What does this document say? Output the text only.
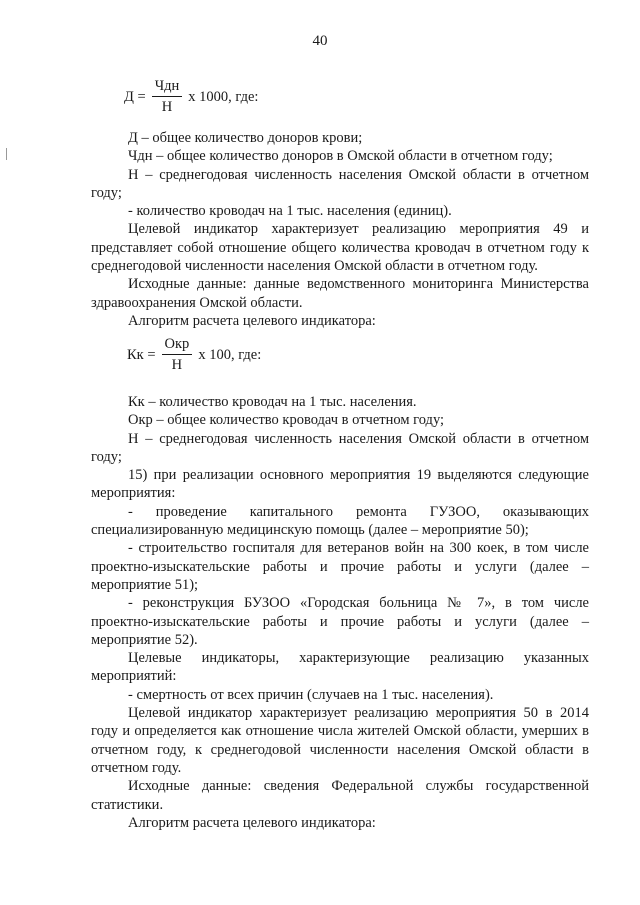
40
$Д = \frac{\text{Чдн}}{Н}$ х 1000, где:

Д – общее количество доноров крови;

Чдн – общее количество доноров в Омской области в отчетном году;

Н – среднегодовая численность населения Омской области в отчетном году;

- количество кроводач на 1 тыс. населения (единиц).

Целевой индикатор характеризует реализацию мероприятия 49 и представляет собой отношение общего количества кроводач в отчетном году к среднегодовой численности населения Омской области в отчетном году.

Исходные данные: данные ведомственного мониторинга Министерства здравоохранения Омской области.

Алгоритм расчета целевого индикатора:

Кк = $\frac{\text{Окр}}{Н}$ х 100, где:

Кк – количество кроводач на 1 тыс. населения.

Окр – общее количество кроводач в отчетном году;

Н – среднегодовая численность населения Омской области в отчетном году;

15) при реализации основного мероприятия 19 выделяются следующие мероприятия:

- проведение капитального ремонта ГУЗОО, оказывающих специализированную медицинскую помощь (далее – мероприятие 50);

- строительство госпиталя для ветеранов войн на 300 коек, в том числе проектно-изыскательские работы и прочие работы и услуги (далее – мероприятие 51);

- реконструкция БУЗОО «Городская больница № 7», в том числе проектно-изыскательские работы и прочие работы и услуги (далее – мероприятие 52).

Целевые индикаторы, характеризующие реализацию указанных мероприятий:

- смертность от всех причин (случаев на 1 тыс. населения).

Целевой индикатор характеризует реализацию мероприятия 50 в 2014 году и определяется как отношение числа жителей Омской области, умерших в отчетном году, к среднегодовой численности населения Омской области в отчетном году.

Исходные данные: сведения Федеральной службы государственной статистики.

Алгоритм расчета целевого индикатора:
